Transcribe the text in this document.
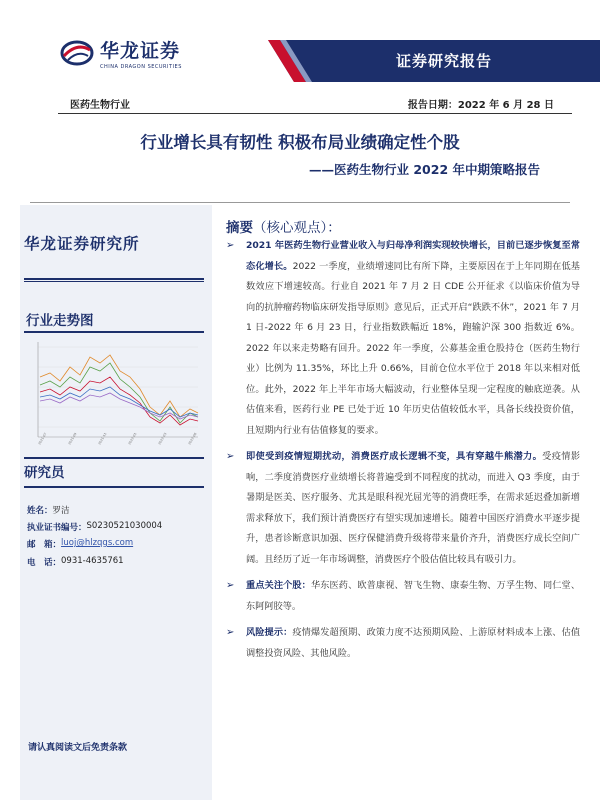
华龙证券
CHINA DRAGON SECURITIES	证券研究报告
医药生物行业	报告日期：2022 年 6 月 28 日
行业增长具有韧性 积极布局业绩确定性个股
——医药生物行业 2022 年中期策略报告
华龙证券研究所
行业走势图
2021-07	2021-09	2021-11	2022-01	2022-03	2022-06
研究员
姓名： 罗洁
执业证书编号： S0230521030004
邮　箱： luoj@hlzqgs.com
电　话： 0931-4635761
请认真阅读文后免责条款
摘要（核心观点）：
➢ 2021 年医药生物行业营业收入与归母净利润实现较快增长，目前已逐步恢复至常态化增长。2022 一季度，业绩增速同比有所下降，主要原因在于上年同期在低基数效应下增速较高。行业自 2021 年 7 月 2 日 CDE 公开征求《以临床价值为导向的抗肿瘤药物临床研发指导原则》意见后，正式开启“跌跌不休”，2021 年 7 月 1 日-2022 年 6 月 23 日，行业指数跌幅近 18%，跑输沪深 300 指数近 6%。2022 年以来走势略有回升。2022 年一季度，公募基金重仓股持仓（医药生物行业）比例为 11.35%，环比上升 0.66%，目前仓位水平位于 2018 年以来相对低位。此外，2022 年上半年市场大幅波动，行业整体呈现一定程度的触底逆袭。从估值来看，医药行业 PE 已处于近 10 年历史估值较低水平，具备长线投资价值，且短期内行业有估值修复的要求。
➢ 即使受到疫情短期扰动，消费医疗成长逻辑不变，具有穿越牛熊潜力。受疫情影响，二季度消费医疗业绩增长将普遍受到不同程度的扰动，而进入 Q3 季度，由于暑期是医美、医疗服务、尤其是眼科视光屈光等的消费旺季，在需求延迟叠加新增需求释放下，我们预计消费医疗有望实现加速增长。随着中国医疗消费水平逐步提升，患者诊断意识加强、医疗保健消费升级将带来量价齐升，消费医疗成长空间广阔。且经历了近一年市场调整，消费医疗个股估值比较具有吸引力。
➢ 重点关注个股：华东医药、欧普康视、智飞生物、康泰生物、万孚生物、同仁堂、东阿阿胶等。
➢ 风险提示：疫情爆发超预期、政策力度不达预期风险、上游原材料成本上涨、估值调整投资风险、其他风险。
